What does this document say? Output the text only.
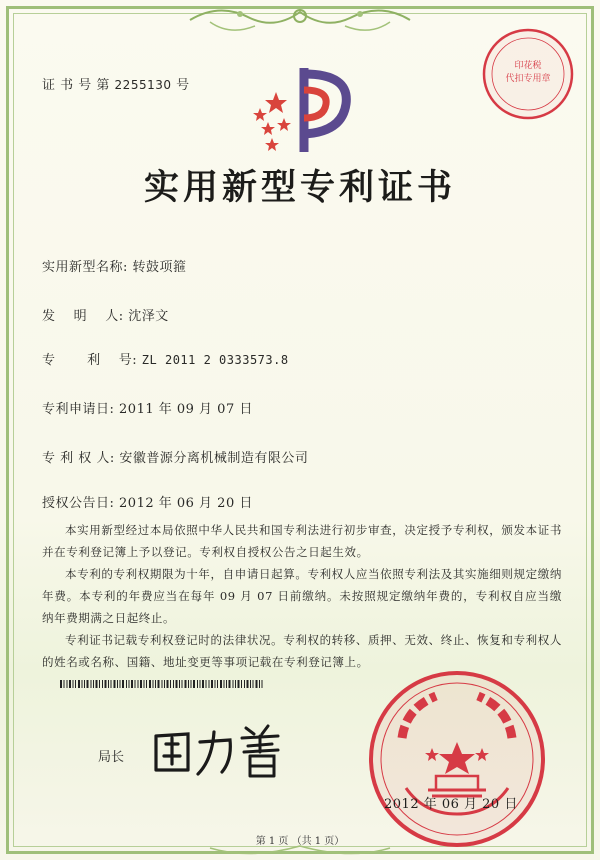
证 书 号 第 2255130 号
印花税
代扣专用章
实用新型专利证书
实用新型名称: 转鼓项箍
发　 明　 人: 沈泽文
专　　 利　 号: ZL 2011 2 0333573.8
专利申请日: 2011 年 09 月 07 日
专 利 权 人: 安徽普源分离机械制造有限公司
授权公告日: 2012 年 06 月 20 日

本实用新型经过本局依照中华人民共和国专利法进行初步审查，决定授予专利权，颁发本证书并在专利登记簿上予以登记。专利权自授权公告之日起生效。

本专利的专利权期限为十年，自申请日起算。专利权人应当依照专利法及其实施细则规定缴纳年费。本专利的年费应当在每年 09 月 07 日前缴纳。未按照规定缴纳年费的，专利权自应当缴纳年费期满之日起终止。

专利证书记载专利权登记时的法律状况。专利权的转移、质押、无效、终止、恢复和专利权人的姓名或名称、国籍、地址变更等事项记载在专利登记簿上。

局长
2012 年 06 月 20 日
第 1 页 （共 1 页）
